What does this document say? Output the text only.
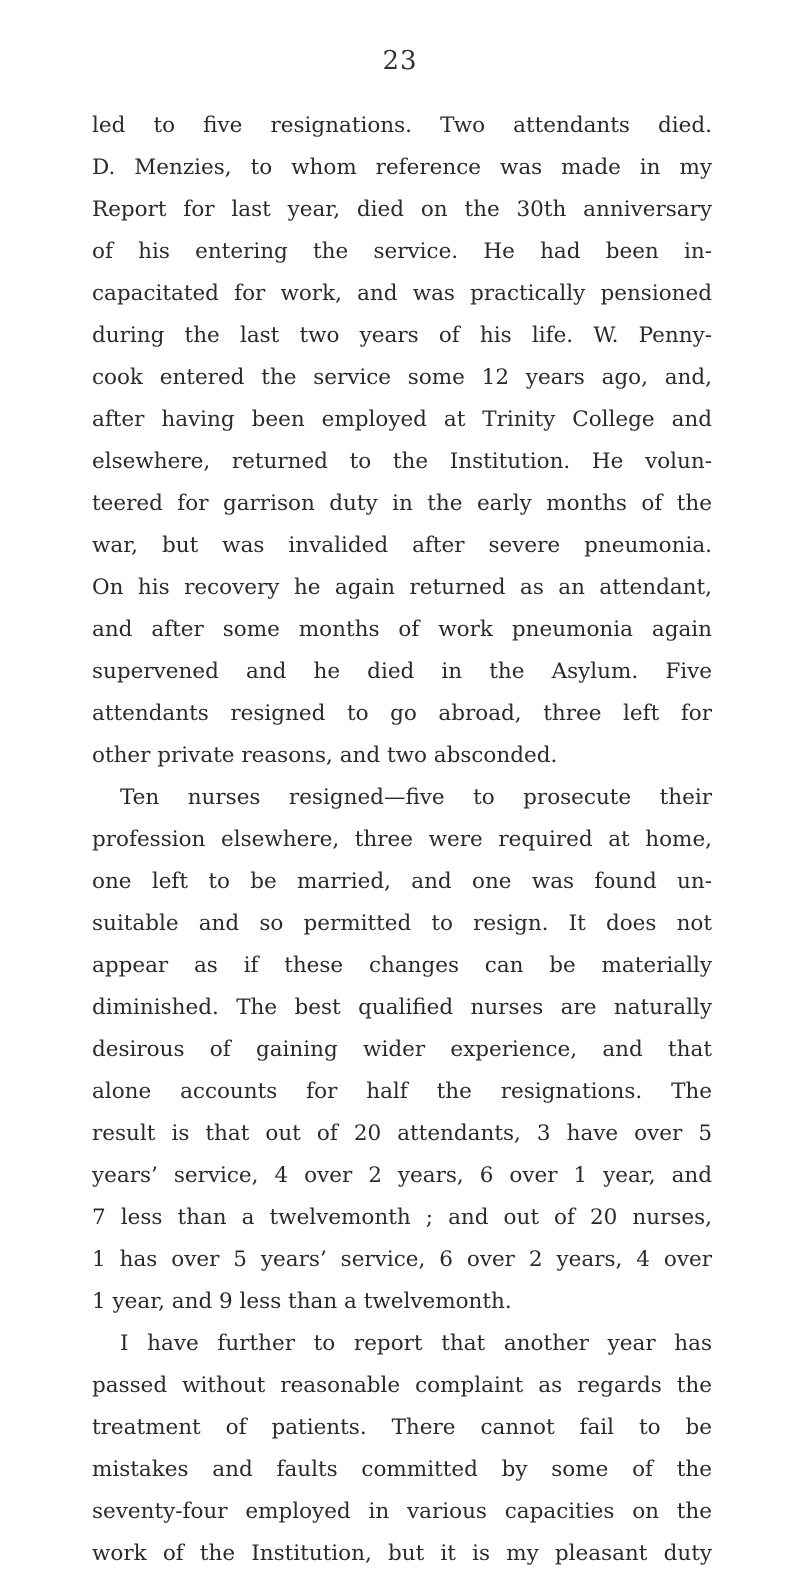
23
led to five resignations. Two attendants died.
D. Menzies, to whom reference was made in my
Report for last year, died on the 30th anniversary
of his entering the service. He had been in-
capacitated for work, and was practically pensioned
during the last two years of his life. W. Penny-
cook entered the service some 12 years ago, and,
after having been employed at Trinity College and
elsewhere, returned to the Institution. He volun-
teered for garrison duty in the early months of the
war, but was invalided after severe pneumonia.
On his recovery he again returned as an attendant,
and after some months of work pneumonia again
supervened and he died in the Asylum. Five
attendants resigned to go abroad, three left for
other private reasons, and two absconded.
Ten nurses resigned—five to prosecute their
profession elsewhere, three were required at home,
one left to be married, and one was found un-
suitable and so permitted to resign. It does not
appear as if these changes can be materially
diminished. The best qualified nurses are naturally
desirous of gaining wider experience, and that
alone accounts for half the resignations. The
result is that out of 20 attendants, 3 have over 5
years’ service, 4 over 2 years, 6 over 1 year, and
7 less than a twelvemonth ; and out of 20 nurses,
1 has over 5 years’ service, 6 over 2 years, 4 over
1 year, and 9 less than a twelvemonth.
I have further to report that another year has
passed without reasonable complaint as regards the
treatment of patients. There cannot fail to be
mistakes and faults committed by some of the
seventy-four employed in various capacities on the
work of the Institution, but it is my pleasant duty
